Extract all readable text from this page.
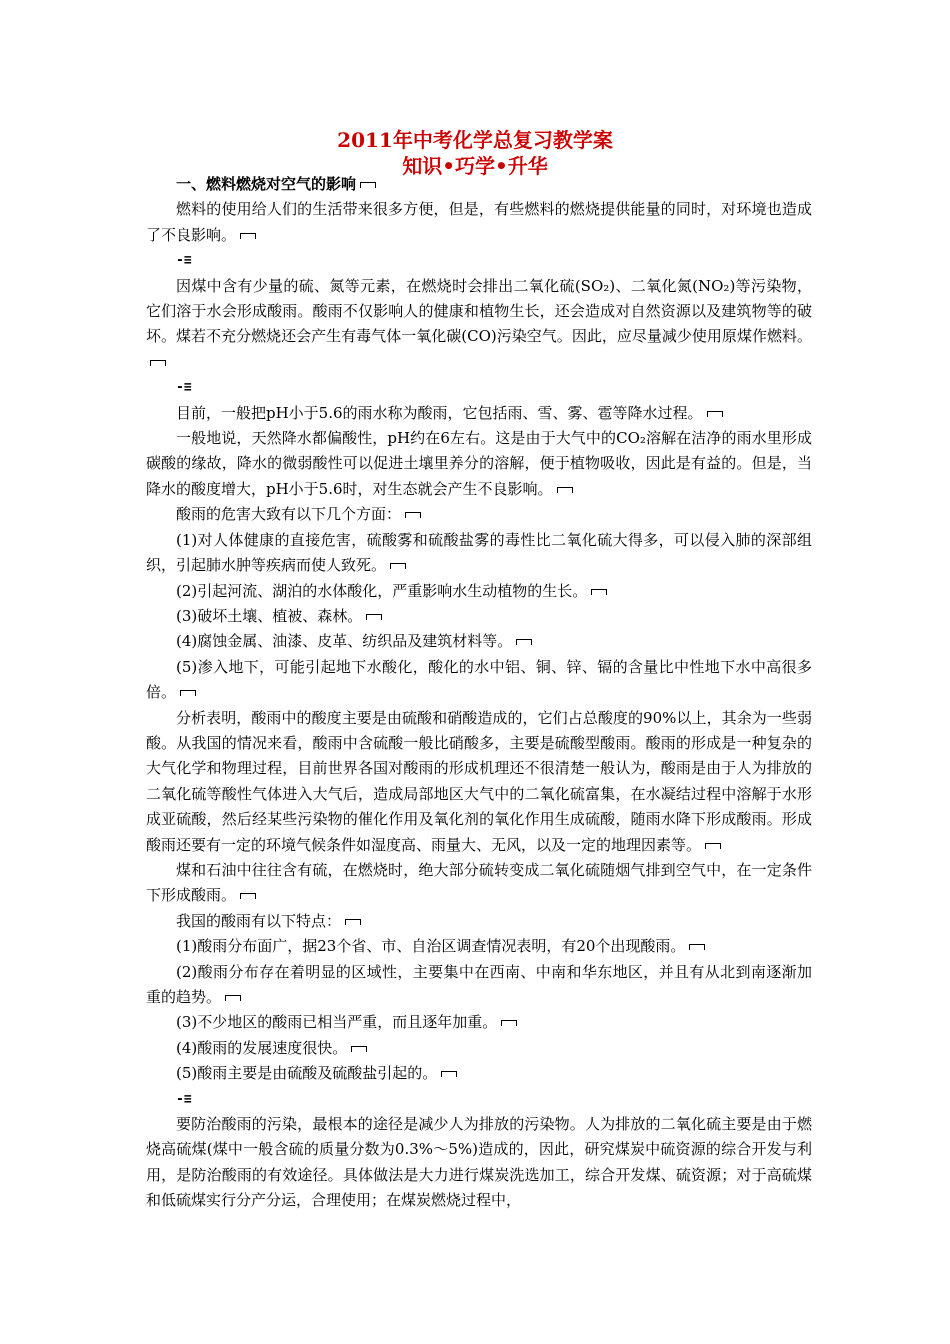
2011年中考化学总复习教学案
知识•巧学•升华

一、燃料燃烧对空气的影响

燃料的使用给人们的生活带来很多方便，但是，有些燃料的燃烧提供能量的同时，对环境也造成了不良影响。

-≡

因煤中含有少量的硫、氮等元素，在燃烧时会排出二氧化硫(SO₂)、二氧化氮(NO₂)等污染物，它们溶于水会形成酸雨。酸雨不仅影响人的健康和植物生长，还会造成对自然资源以及建筑物等的破坏。煤若不充分燃烧还会产生有毒气体一氧化碳(CO)污染空气。因此，应尽量减少使用原煤作燃料。

-≡

目前，一般把pH小于5.6的雨水称为酸雨，它包括雨、雪、雾、雹等降水过程。

一般地说，天然降水都偏酸性，pH约在6左右。这是由于大气中的CO₂溶解在洁净的雨水里形成碳酸的缘故，降水的微弱酸性可以促进土壤里养分的溶解，便于植物吸收，因此是有益的。但是，当降水的酸度增大，pH小于5.6时，对生态就会产生不良影响。

酸雨的危害大致有以下几个方面：

(1)对人体健康的直接危害，硫酸雾和硫酸盐雾的毒性比二氧化硫大得多，可以侵入肺的深部组织，引起肺水肿等疾病而使人致死。

(2)引起河流、湖泊的水体酸化，严重影响水生动植物的生长。

(3)破坏土壤、植被、森林。

(4)腐蚀金属、油漆、皮革、纺织品及建筑材料等。

(5)渗入地下，可能引起地下水酸化，酸化的水中铝、铜、锌、镉的含量比中性地下水中高很多倍。

分析表明，酸雨中的酸度主要是由硫酸和硝酸造成的，它们占总酸度的90%以上，其余为一些弱酸。从我国的情况来看，酸雨中含硫酸一般比硝酸多，主要是硫酸型酸雨。酸雨的形成是一种复杂的大气化学和物理过程，目前世界各国对酸雨的形成机理还不很清楚一般认为，酸雨是由于人为排放的二氧化硫等酸性气体进入大气后，造成局部地区大气中的二氧化硫富集，在水凝结过程中溶解于水形成亚硫酸，然后经某些污染物的催化作用及氧化剂的氧化作用生成硫酸，随雨水降下形成酸雨。形成酸雨还要有一定的环境气候条件如湿度高、雨量大、无风，以及一定的地理因素等。

煤和石油中往往含有硫，在燃烧时，绝大部分硫转变成二氧化硫随烟气排到空气中，在一定条件下形成酸雨。

我国的酸雨有以下特点：

(1)酸雨分布面广，据23个省、市、自治区调查情况表明，有20个出现酸雨。

(2)酸雨分布存在着明显的区域性，主要集中在西南、中南和华东地区，并且有从北到南逐渐加重的趋势。

(3)不少地区的酸雨已相当严重，而且逐年加重。

(4)酸雨的发展速度很快。

(5)酸雨主要是由硫酸及硫酸盐引起的。

-≡

要防治酸雨的污染，最根本的途径是减少人为排放的污染物。人为排放的二氧化硫主要是由于燃烧高硫煤(煤中一般含硫的质量分数为0.3%～5%)造成的，因此，研究煤炭中硫资源的综合开发与利用，是防治酸雨的有效途径。具体做法是大力进行煤炭洗选加工，综合开发煤、硫资源；对于高硫煤和低硫煤实行分产分运，合理使用；在煤炭燃烧过程中，
